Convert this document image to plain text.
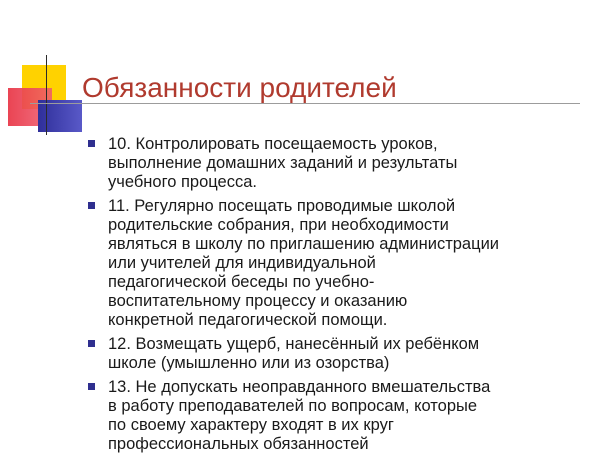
Обязанности родителей
10. Контролировать посещаемость уроков,
выполнение домашних заданий и результаты
учебного процесса.
11. Регулярно посещать проводимые школой
родительские собрания, при необходимости
являться в школу по приглашению администрации
или учителей для индивидуальной
педагогической беседы по учебно-
воспитательному процессу и оказанию
конкретной педагогической помощи.
12. Возмещать ущерб, нанесённый их ребёнком
школе (умышленно или из озорства)
13. Не допускать неоправданного вмешательства
в работу преподавателей по вопросам, которые
по своему характеру входят в их круг
профессиональных обязанностей
